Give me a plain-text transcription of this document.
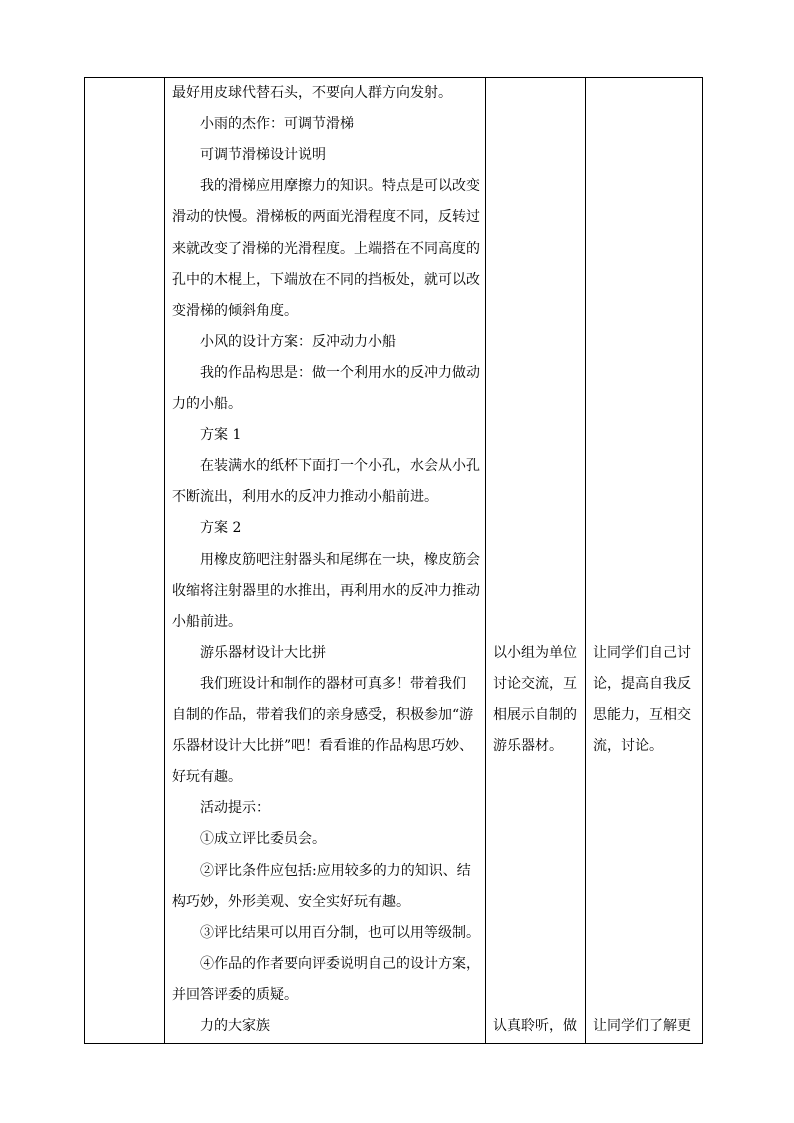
最好用皮球代替石头，不要向人群方向发射。
小雨的杰作：可调节滑梯
可调节滑梯设计说明
我的滑梯应用摩擦力的知识。特点是可以改变
滑动的快慢。滑梯板的两面光滑程度不同，反转过
来就改变了滑梯的光滑程度。上端搭在不同高度的
孔中的木棍上，下端放在不同的挡板处，就可以改
变滑梯的倾斜角度。
小风的设计方案：反冲动力小船
我的作品构思是：做一个利用水的反冲力做动
力的小船。
方案 1
在装满水的纸杯下面打一个小孔，水会从小孔
不断流出，利用水的反冲力推动小船前进。
方案 2
用橡皮筋吧注射器头和尾绑在一块，橡皮筋会
收缩将注射器里的水推出，再利用水的反冲力推动
小船前进。
游乐器材设计大比拼
我们班设计和制作的器材可真多！带着我们
自制的作品，带着我们的亲身感受，积极参加“游
乐器材设计大比拼”吧！看看谁的作品构思巧妙、
好玩有趣。
活动提示：
①成立评比委员会。
②评比条件应包括:应用较多的力的知识、结
构巧妙，外形美观、安全实好玩有趣。
③评比结果可以用百分制，也可以用等级制。
④作品的作者要向评委说明自己的设计方案，
并回答评委的质疑。
力的大家族
以小组为单位
讨论交流，互
相展示自制的
游乐器材。
认真聆听，做
让同学们自己讨
论，提高自我反
思能力，互相交
流，讨论。
让同学们了解更
